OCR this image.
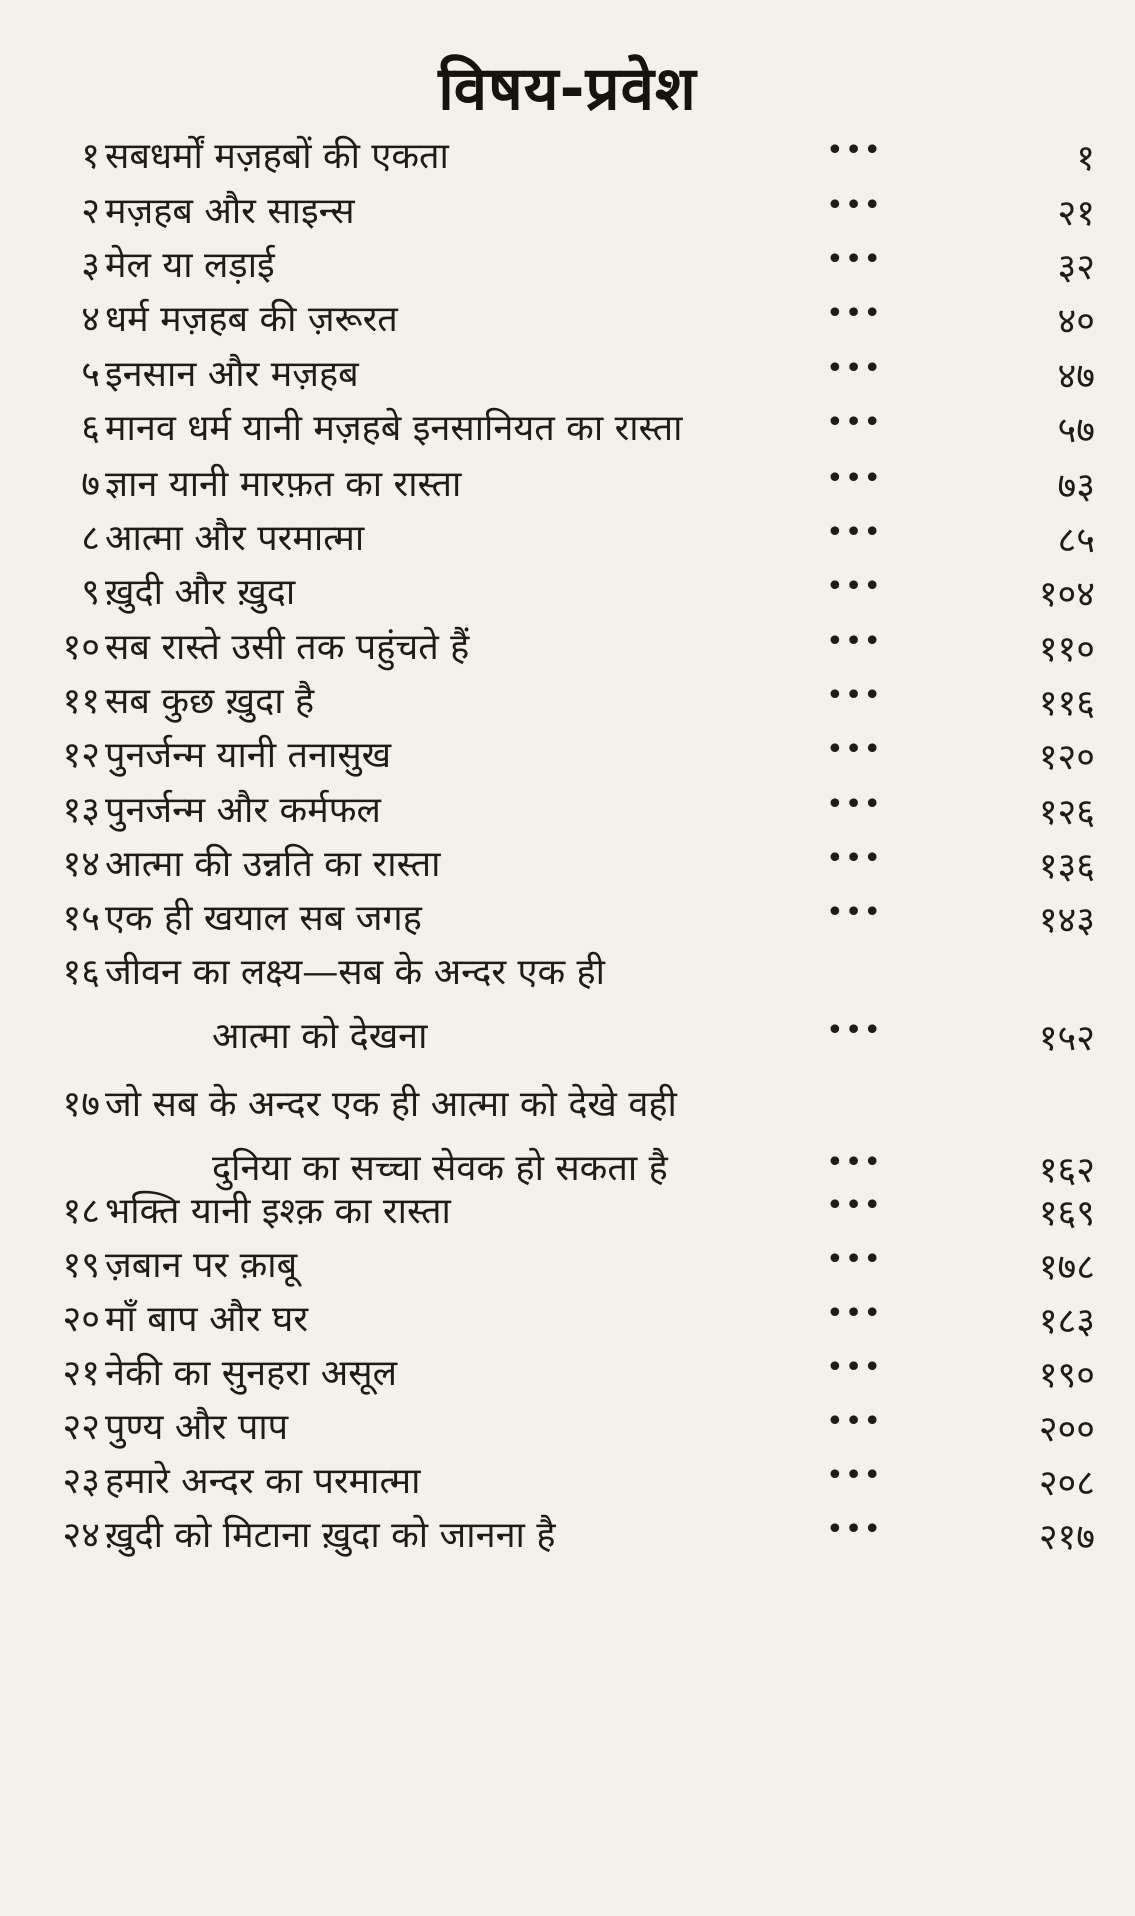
विषय-प्रवेश
१ सबधर्मों मज़हबों की एकता	•••	१
२ मज़हब और साइन्स	•••	२१
३ मेल या लड़ाई	•••	३२
४ धर्म मज़हब की ज़रूरत	•••	४०
५ इनसान और मज़हब	•••	४७
६ मानव धर्म यानी मज़हबे इनसानियत का रास्ता	•••	५७
७ ज्ञान यानी मारफ़त का रास्ता	•••	७३
८ आत्मा और परमात्मा	•••	८५
९ ख़ुदी और ख़ुदा	•••	१०४
१० सब रास्ते उसी तक पहुंचते हैं	•••	११०
११ सब कुछ ख़ुदा है	•••	११६
१२ पुनर्जन्म यानी तनासुख	•••	१२०
१३ पुनर्जन्म और कर्मफल	•••	१२६
१४ आत्मा की उन्नति का रास्ता	•••	१३६
१५ एक ही खयाल सब जगह	•••	१४३
१६ जीवन का लक्ष्य—सब के अन्दर एक ही
आत्मा को देखना	•••	१५२
१७ जो सब के अन्दर एक ही आत्मा को देखे वही
दुनिया का सच्चा सेवक हो सकता है	•••	१६२
१८ भक्ति यानी इश्क़ का रास्ता	•••	१६९
१९ ज़बान पर क़ाबू	•••	१७८
२० माँ बाप और घर	•••	१८३
२१ नेकी का सुनहरा असूल	•••	१९०
२२ पुण्य और पाप	•••	२००
२३ हमारे अन्दर का परमात्मा	•••	२०८
२४ ख़ुदी को मिटाना ख़ुदा को जानना है	•••	२१७
